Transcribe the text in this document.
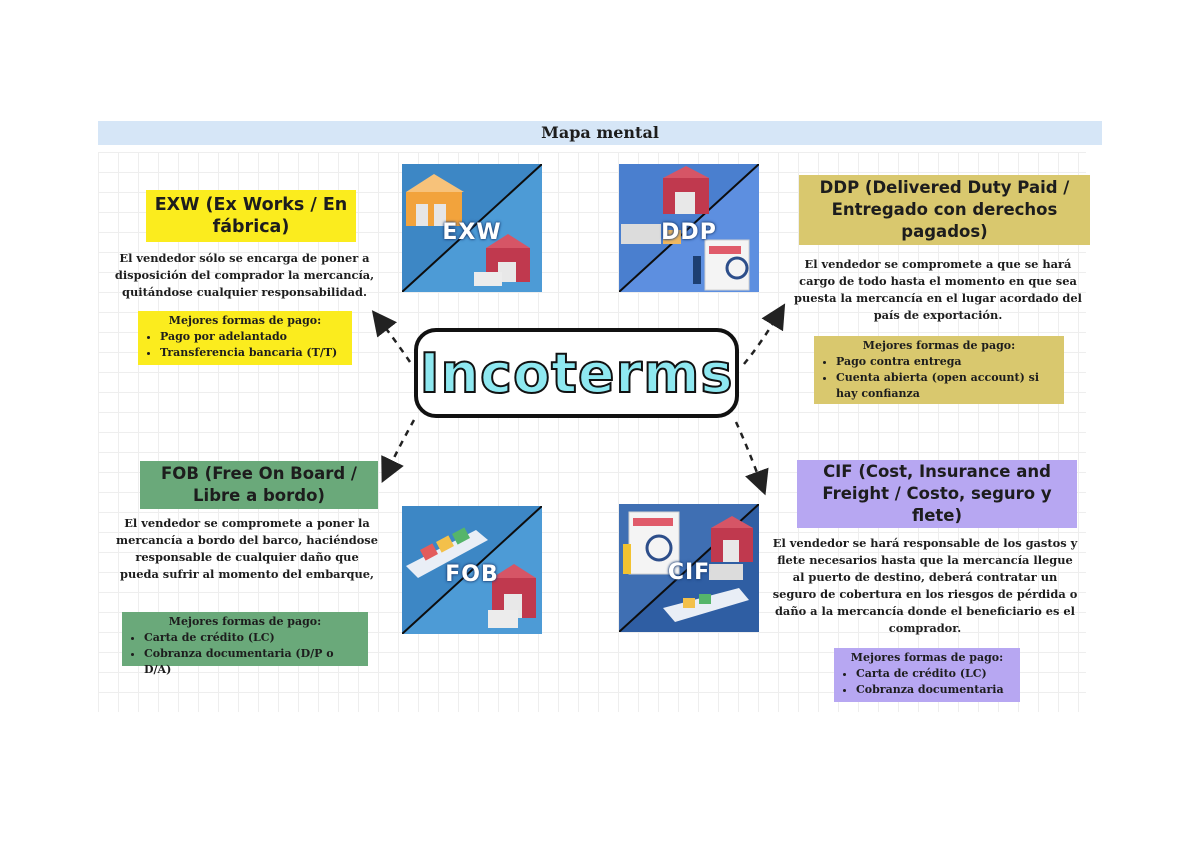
Mapa mental
Incoterms
EXW (Ex Works / En fábrica)
El vendedor sólo se encarga de poner a disposición del comprador la mercancía, quitándose cualquier responsabilidad.
Mejores formas de pago:
• Pago por adelantado
• Transferencia bancaria (T/T)
EXW	DDP
DDP (Delivered Duty Paid / Entregado con derechos pagados)
El vendedor se compromete a que se hará cargo de todo hasta el momento en que sea puesta la mercancía en el lugar acordado del país de exportación.
Mejores formas de pago:
• Pago contra entrega
• Cuenta abierta (open account) si hay confianza
FOB (Free On Board / Libre a bordo)
El vendedor se compromete a poner la mercancía a bordo del barco, haciéndose responsable de cualquier daño que pueda sufrir al momento del embarque,
Mejores formas de pago:
• Carta de crédito (LC)
• Cobranza documentaria (D/P o D/A)
FOB	CIF
CIF (Cost, Insurance and Freight / Costo, seguro y flete)
El vendedor se hará responsable de los gastos y flete necesarios hasta que la mercancía llegue al puerto de destino, deberá contratar un seguro de cobertura en los riesgos de pérdida o daño a la mercancía donde el beneficiario es el comprador.
Mejores formas de pago:
• Carta de crédito (LC)
• Cobranza documentaria
